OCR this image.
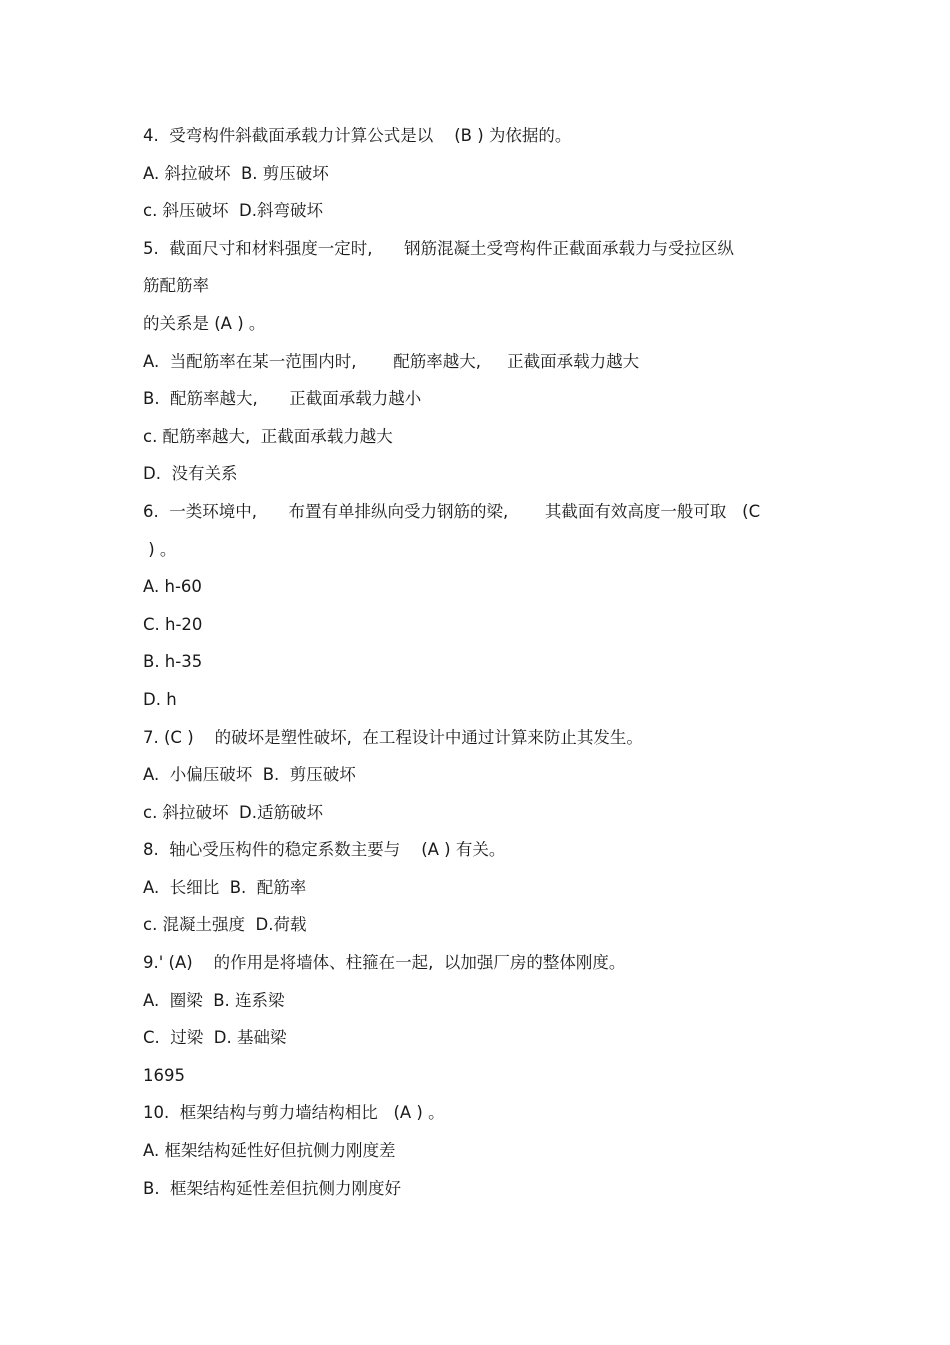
4.  受弯构件斜截面承载力计算公式是以    (B ) 为依据的。
A. 斜拉破坏  B. 剪压破坏
c. 斜压破坏  D.斜弯破坏
5.  截面尺寸和材料强度一定时,      钢筋混凝土受弯构件正截面承载力与受拉区纵
筋配筋率
的关系是 (A ) 。
A.  当配筋率在某一范围内时,       配筋率越大,     正截面承载力越大
B.  配筋率越大,      正截面承载力越小
c. 配筋率越大,  正截面承载力越大
D.  没有关系
6.  一类环境中,      布置有单排纵向受力钢筋的梁,       其截面有效高度一般可取   (C
) 。
A. h-60
C. h-20
B. h-35
D. h
7. (C )    的破坏是塑性破坏,  在工程设计中通过计算来防止其发生。
A.  小偏压破坏  B.  剪压破坏
c. 斜拉破坏  D.适筋破坏
8.  轴心受压构件的稳定系数主要与    (A ) 有关。
A.  长细比  B.  配筋率
c. 混凝土强度  D.荷载
9.' (A)    的作用是将墙体、柱箍在一起,  以加强厂房的整体刚度。
A.  圈梁  B. 连系梁
C.  过梁  D. 基础梁
1695
10.  框架结构与剪力墙结构相比   (A ) 。
A. 框架结构延性好但抗侧力刚度差
B.  框架结构延性差但抗侧力刚度好
